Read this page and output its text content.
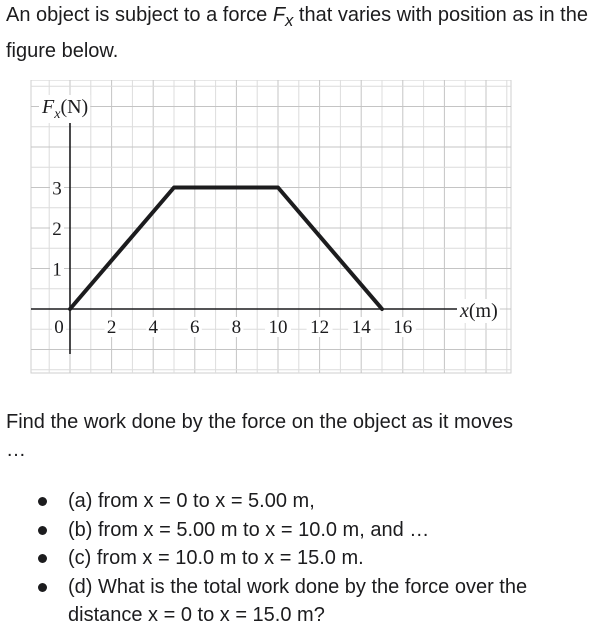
An object is subject to a force $F_x$ that varies with position as in the figure below.

0 2 4 6 8 10 12 14 16
1
2
3
$F_x(N)$
x(m)

Find the work done by the force on the object as it moves

…
(a) from x = 0 to x = 5.00 m,
(b) from x = 5.00 m to x = 10.0 m, and …
(c) from x = 10.0 m to x = 15.0 m.
(d) What is the total work done by the force over the distance x = 0 to x = 15.0 m?
